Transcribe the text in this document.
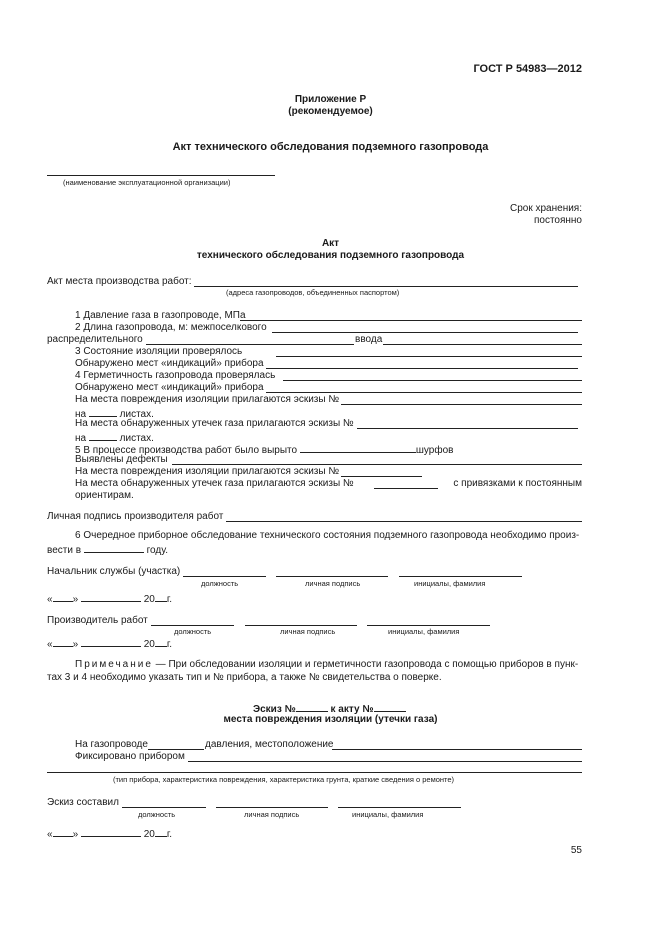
ГОСТ Р 54983—2012
Приложение Р
(рекомендуемое)
Акт технического обследования подземного газопровода
(наименование эксплуатационной организации)
Срок хранения:
постоянно
Акт
технического обследования подземного газопровода
Акт места производства работ:
(адреса газопроводов, объединенных паспортом)
1 Давление газа в газопроводе, МПа
2 Длина газопровода, м: межпоселкового
распределительного	ввода
3 Состояние изоляции проверялось
Обнаружено мест «индикаций» прибора
4 Герметичность газопровода проверялась
Обнаружено мест «индикаций» прибора
На места повреждения изоляции прилагаются эскизы №
на	листах.
На места обнаруженных утечек газа прилагаются эскизы №
на	листах.
5 В процессе производства работ было вырыто	шурфов
Выявлены дефекты
На места повреждения изоляции прилагаются эскизы №
На места обнаруженных утечек газа прилагаются эскизы №	с привязками к постоянным
ориентирам.
Личная подпись производителя работ
6 Очередное приборное обследование технического состояния подземного газопровода необходимо произ-
вести в	году.
Начальник службы (участка)
должность	личная подпись	инициалы, фамилия
« »	20 г.
Производитель работ
должность	личная подпись	инициалы, фамилия
« »	20 г.
Примечание — При обследовании изоляции и герметичности газопровода с помощью приборов в пунк-
тах 3 и 4 необходимо указать тип и № прибора, а также № свидетельства о поверке.
Эскиз №	к акту №
места повреждения изоляции (утечки газа)
На газопроводе	давления, местоположение
Фиксировано прибором
(тип прибора, характеристика повреждения, характеристика грунта, краткие сведения о ремонте)
Эскиз составил
должность	личная подпись	инициалы, фамилия
« »	20 г.
55
